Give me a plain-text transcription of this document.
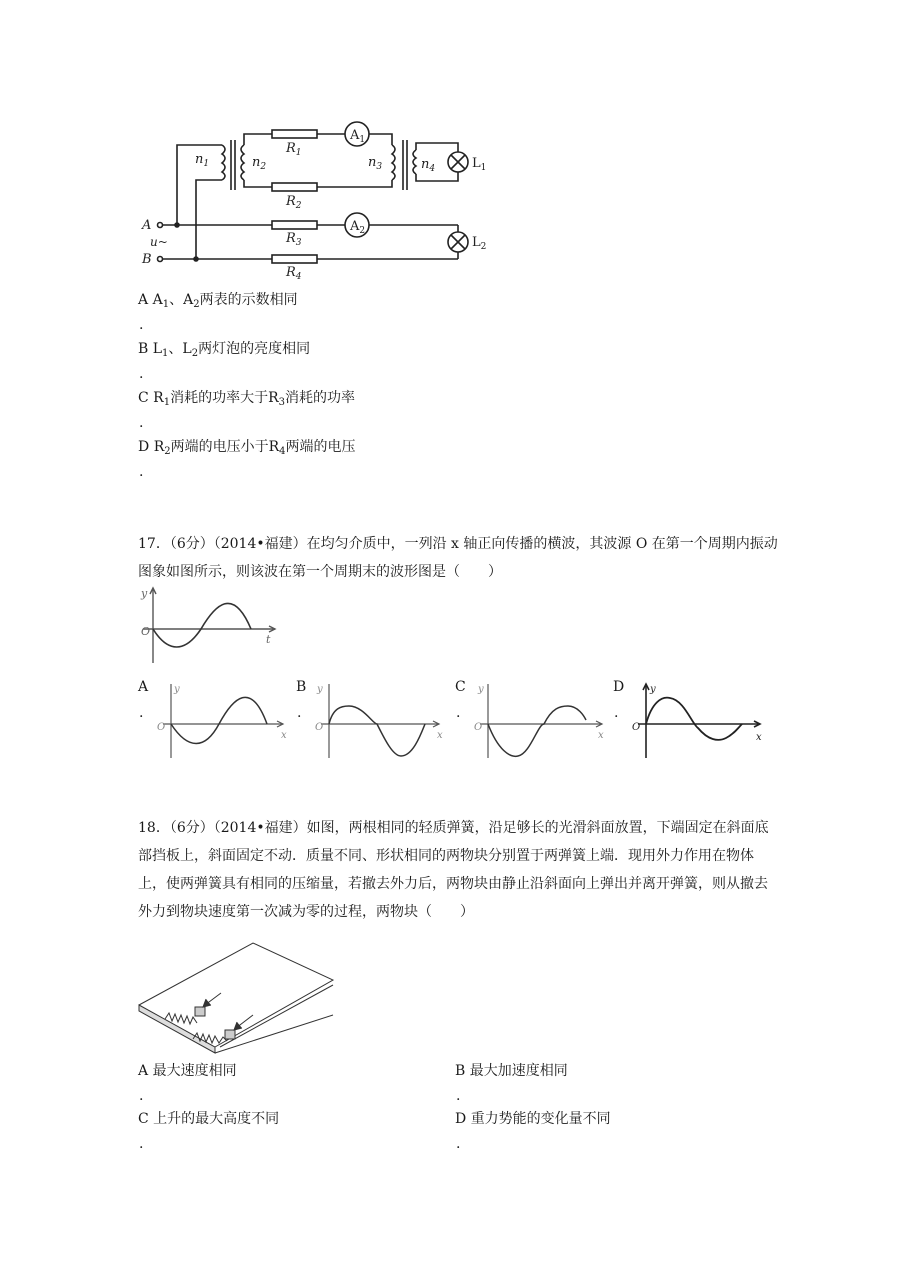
$n_1$	$n_2$	$n_3$	$n_4$
$R_1$
$R_2$
$R_3$
$R_4$
A
u~
B
$A_1$
$A_2$
$L_1$
$L_2$
A $A_1$、$A_2$两表的示数相同
.
B $L_1$、$L_2$两灯泡的亮度相同
.
C $R_1$消耗的功率大于$R_3$消耗的功率
.
D $R_2$两端的电压小于$R_4$两端的电压
.
17．（6分）（2014•福建）在均匀介质中，一列沿 x 轴正向传播的横波，其波源 O 在第一个周期内振动图象如图所示，则该波在第一个周期末的波形图是（　　）
y
O
t
A
.
B
.
C
.
D
.
y
O
x
y
O
x
y
O
x
y
O
x
18．（6分）（2014•福建）如图，两根相同的轻质弹簧，沿足够长的光滑斜面放置，下端固定在斜面底部挡板上，斜面固定不动．质量不同、形状相同的两物块分别置于两弹簧上端．现用外力作用在物体上，使两弹簧具有相同的压缩量，若撤去外力后，两物块由静止沿斜面向上弹出并离开弹簧，则从撤去外力到物块速度第一次减为零的过程，两物块（　　）
A 最大速度相同
.
B 最大加速度相同
.
C 上升的最大高度不同
.
D 重力势能的变化量不同
.
